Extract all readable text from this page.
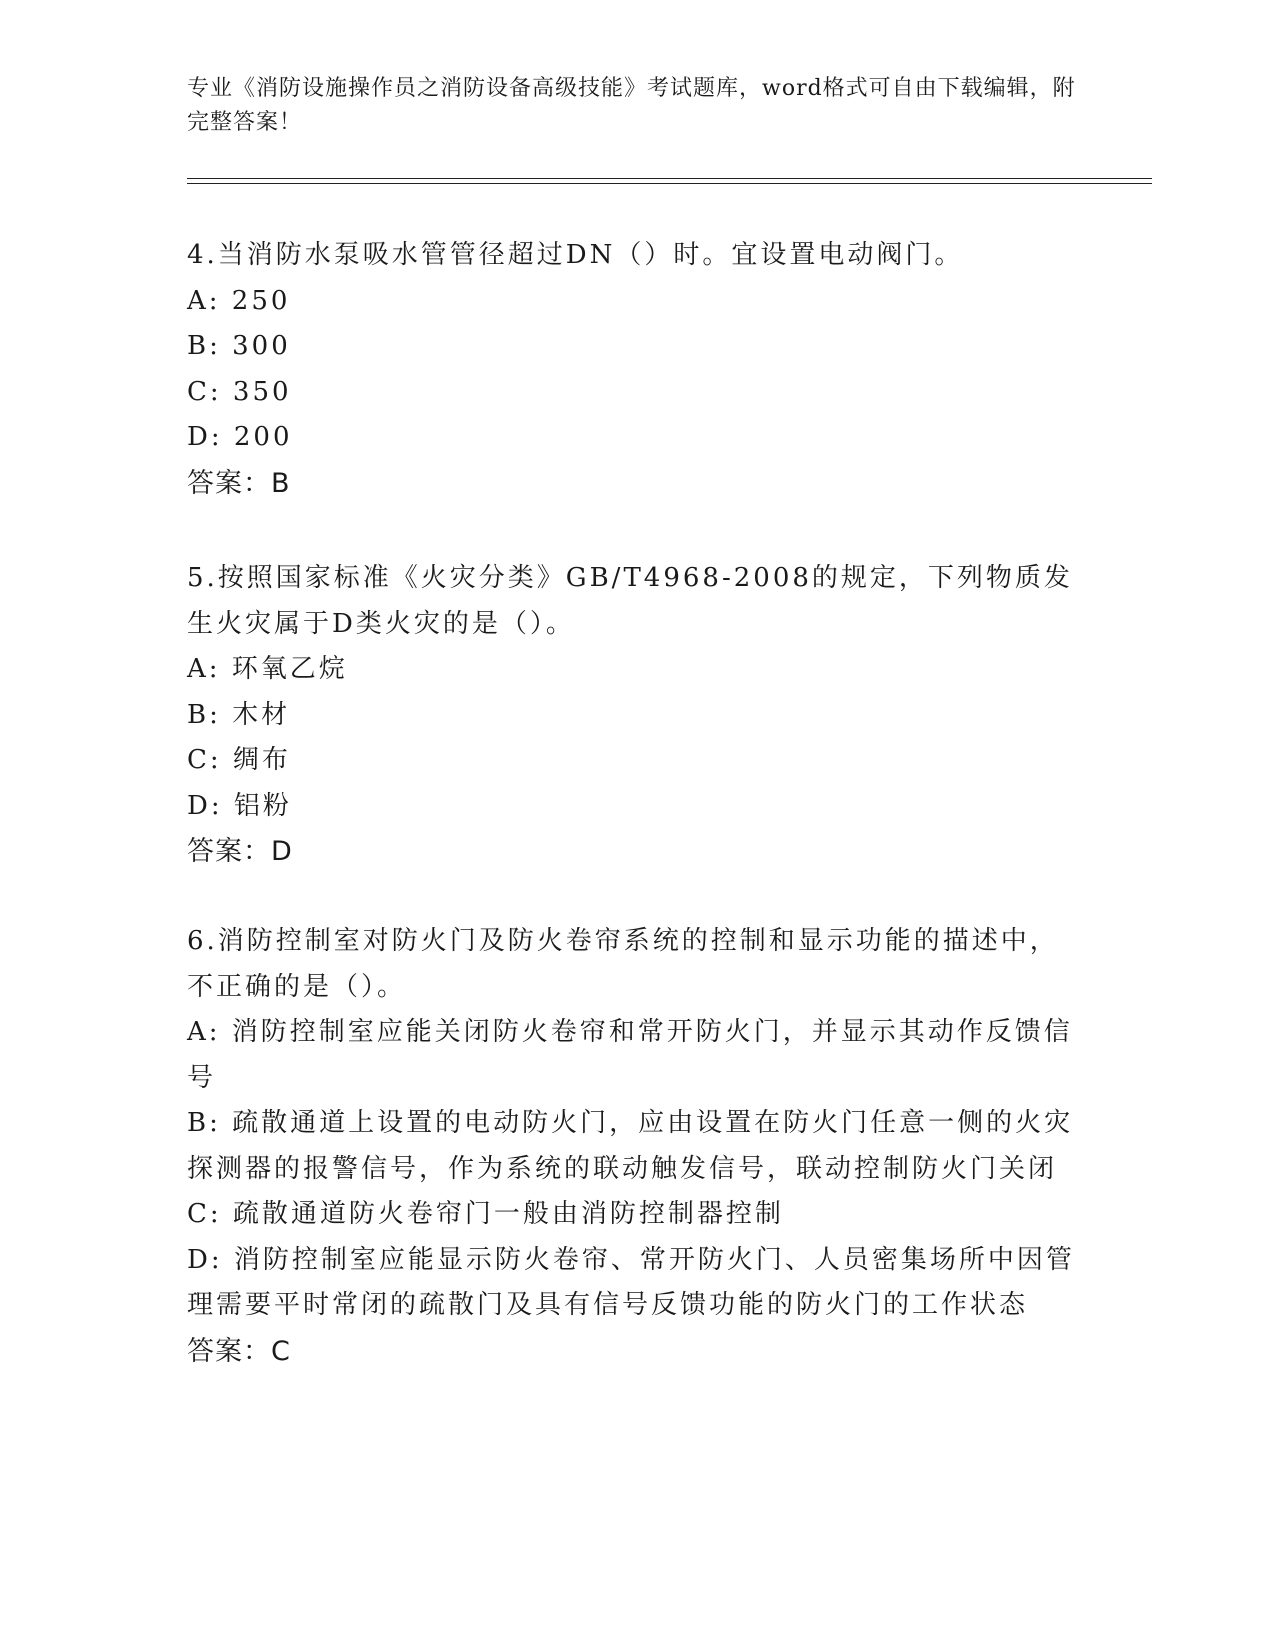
专业《消防设施操作员之消防设备高级技能》考试题库，word格式可自由下载编辑，附完整答案！

4.当消防水泵吸水管管径超过DN（）时。宜设置电动阀门。

A: 250
B: 300
C: 350
D: 200

答案：B

5.按照国家标准《火灾分类》GB/T4968-2008的规定，下列物质发生火灾属于D类火灾的是（）。

A: 环氧乙烷
B: 木材
C: 绸布
D: 铝粉

答案：D

6.消防控制室对防火门及防火卷帘系统的控制和显示功能的描述中，不正确的是（）。

A: 消防控制室应能关闭防火卷帘和常开防火门，并显示其动作反馈信号
B: 疏散通道上设置的电动防火门，应由设置在防火门任意一侧的火灾探测器的报警信号，作为系统的联动触发信号，联动控制防火门关闭
C: 疏散通道防火卷帘门一般由消防控制器控制
D: 消防控制室应能显示防火卷帘、常开防火门、人员密集场所中因管理需要平时常闭的疏散门及具有信号反馈功能的防火门的工作状态

答案：C
